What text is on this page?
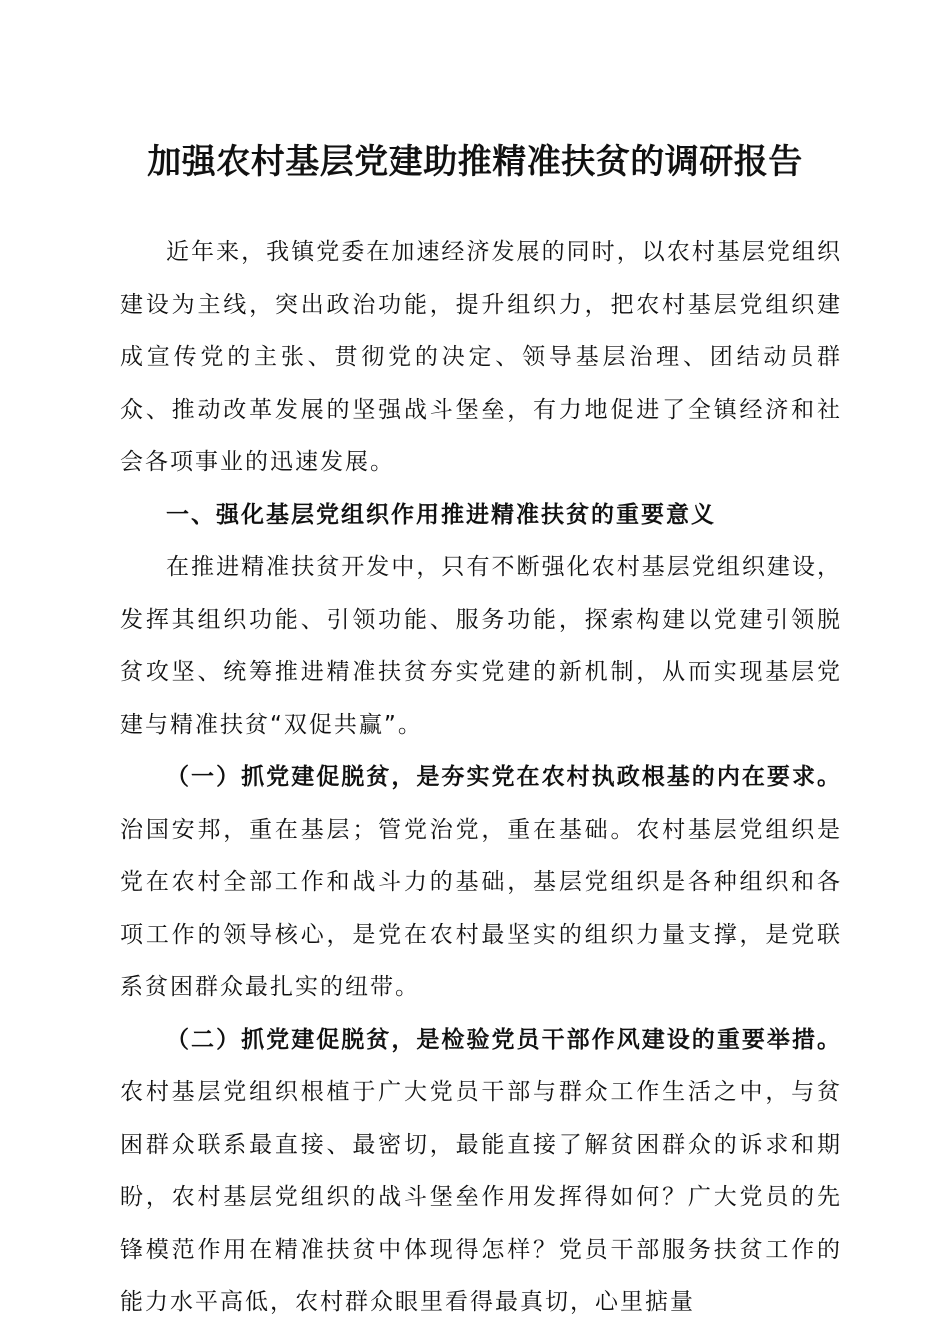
加强农村基层党建助推精准扶贫的调研报告

近年来，我镇党委在加速经济发展的同时，以农村基层党组织建设为主线，突出政治功能，提升组织力，把农村基层党组织建成宣传党的主张、贯彻党的决定、领导基层治理、团结动员群众、推动改革发展的坚强战斗堡垒，有力地促进了全镇经济和社会各项事业的迅速发展。

一、强化基层党组织作用推进精准扶贫的重要意义

在推进精准扶贫开发中，只有不断强化农村基层党组织建设，发挥其组织功能、引领功能、服务功能，探索构建以党建引领脱贫攻坚、统筹推进精准扶贫夯实党建的新机制，从而实现基层党建与精准扶贫“双促共赢”。

（一）抓党建促脱贫，是夯实党在农村执政根基的内在要求。治国安邦，重在基层；管党治党，重在基础。农村基层党组织是党在农村全部工作和战斗力的基础，基层党组织是各种组织和各项工作的领导核心，是党在农村最坚实的组织力量支撑，是党联系贫困群众最扎实的纽带。

（二）抓党建促脱贫，是检验党员干部作风建设的重要举措。农村基层党组织根植于广大党员干部与群众工作生活之中，与贫困群众联系最直接、最密切，最能直接了解贫困群众的诉求和期盼，农村基层党组织的战斗堡垒作用发挥得如何？广大党员的先锋模范作用在精准扶贫中体现得怎样？党员干部服务扶贫工作的能力水平高低，农村群众眼里看得最真切，心里掂量
